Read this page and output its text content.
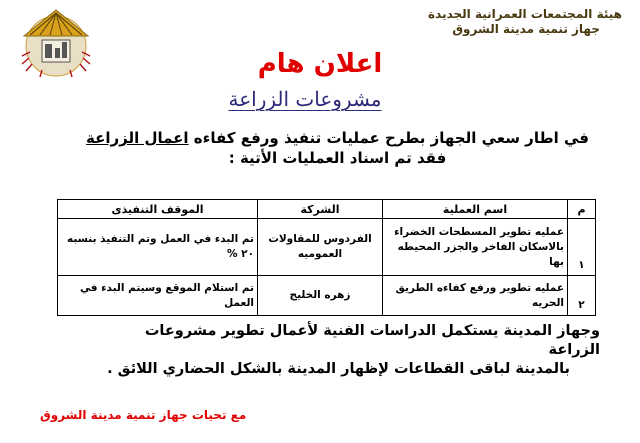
هيئة المجتمعات العمرانية الجديدة
جهاز تنمية مدينة الشروق
اعلان هام
مشروعات الزراعة
في اطار سعي الجهاز بطرح عمليات تنفيذ ورفع كفاءه اعمال الزراعة
فقد تم اسناد العمليات الأتية :
م	اسم العملية	الشركة	الموقف التنفيذى
١	عمليه تطوير المسطحات الخضراء بالاسكان الفاخر والجزر المحيطه بها	الفردوس للمقاولات العموميه	تم البدء في العمل وتم التنفيذ بنسبه ٢٠ %
٢	عمليه تطوير ورفع كفاءه الطريق الحريه	زهره الخليج	تم استلام الموقع وسيتم البدء في العمل
وجهاز المدينة يستكمل الدراسات الفنية لأعمال تطوير مشروعات الزراعة
بالمدينة لباقى القطاعات لإظهار المدينة بالشكل الحضاري اللائق .
مع تحيات جهاز تنمية مدينة الشروق
